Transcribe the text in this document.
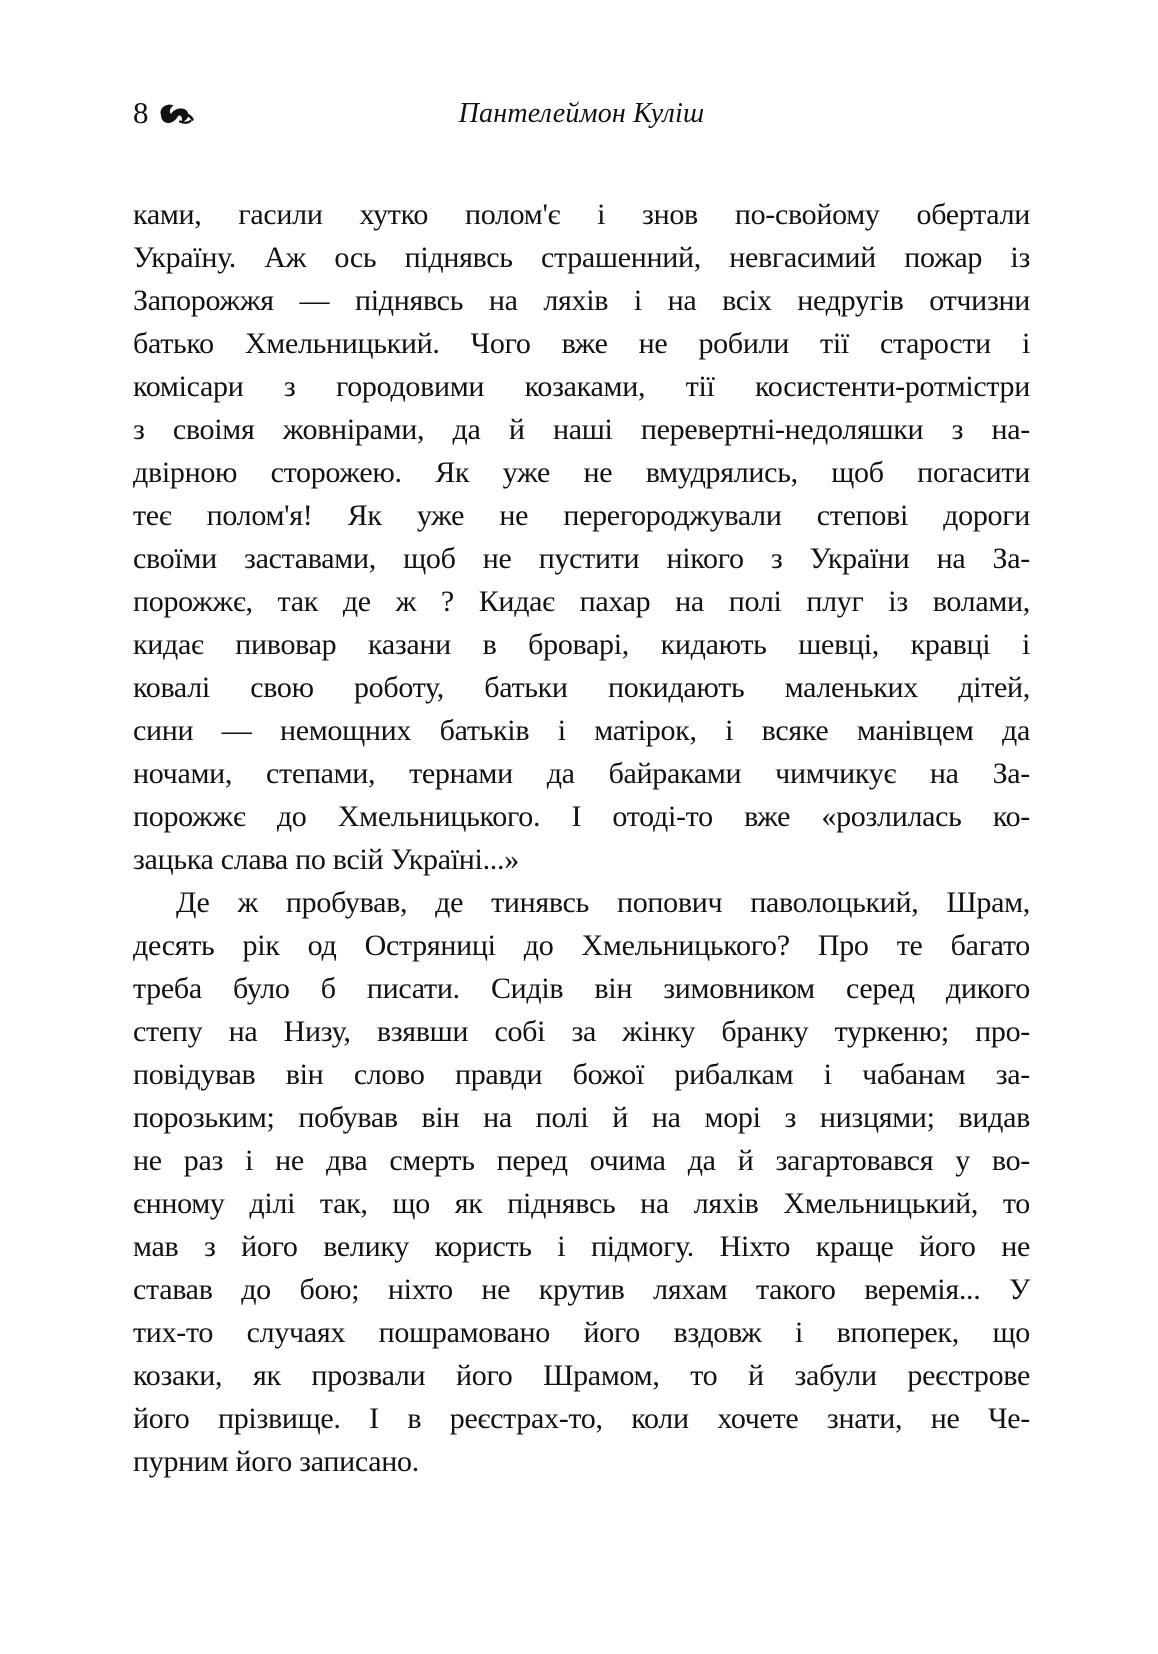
8	Пантелеймон Куліш
ками, гасили хутко полом'є і знов по-свойому обертали
Україну. Аж ось піднявсь страшенний, невгасимий пожар із
Запорожжя — піднявсь на ляхів і на всіх недругів отчизни
батько Хмельницький. Чого вже не робили тії старости і
комісари з городовими козаками, тії косистенти-ротмістри
з своімя жовнірами, да й наші перевертні-недоляшки з на-
двірною сторожею. Як уже не вмудрялись, щоб погасити
теє полом'я! Як уже не перегороджували степові дороги
своїми заставами, щоб не пустити нікого з України на За-
порожжє, так де ж ? Кидає пахар на полі плуг із волами,
кидає пивовар казани в броварі, кидають шевці, кравці і
ковалі свою роботу, батьки покидають маленьких дітей,
сини — немощних батьків і матірок, і всяке манівцем да
ночами, степами, тернами да байраками чимчикує на За-
порожжє до Хмельницького. І отоді-то вже «розлилась ко-
зацька слава по всій Україні...»
Де ж пробував, де тинявсь попович паволоцький, Шрам,
десять рік од Остряниці до Хмельницького? Про те багато
треба було б писати. Сидів він зимовником серед дикого
степу на Низу, взявши собі за жінку бранку туркеню; про-
повідував він слово правди божої рибалкам і чабанам за-
порозьким; побував він на полі й на морі з низцями; видав
не раз і не два смерть перед очима да й загартовався у во-
єнному ділі так, що як піднявсь на ляхів Хмельницький, то
мав з його велику користь і підмогу. Ніхто краще його не
ставав до бою; ніхто не крутив ляхам такого веремія... У
тих-то случаях пошрамовано його вздовж і впоперек, що
козаки, як прозвали його Шрамом, то й забули реєстрове
його прізвище. І в реєстрах-то, коли хочете знати, не Че-
пурним його записано.
